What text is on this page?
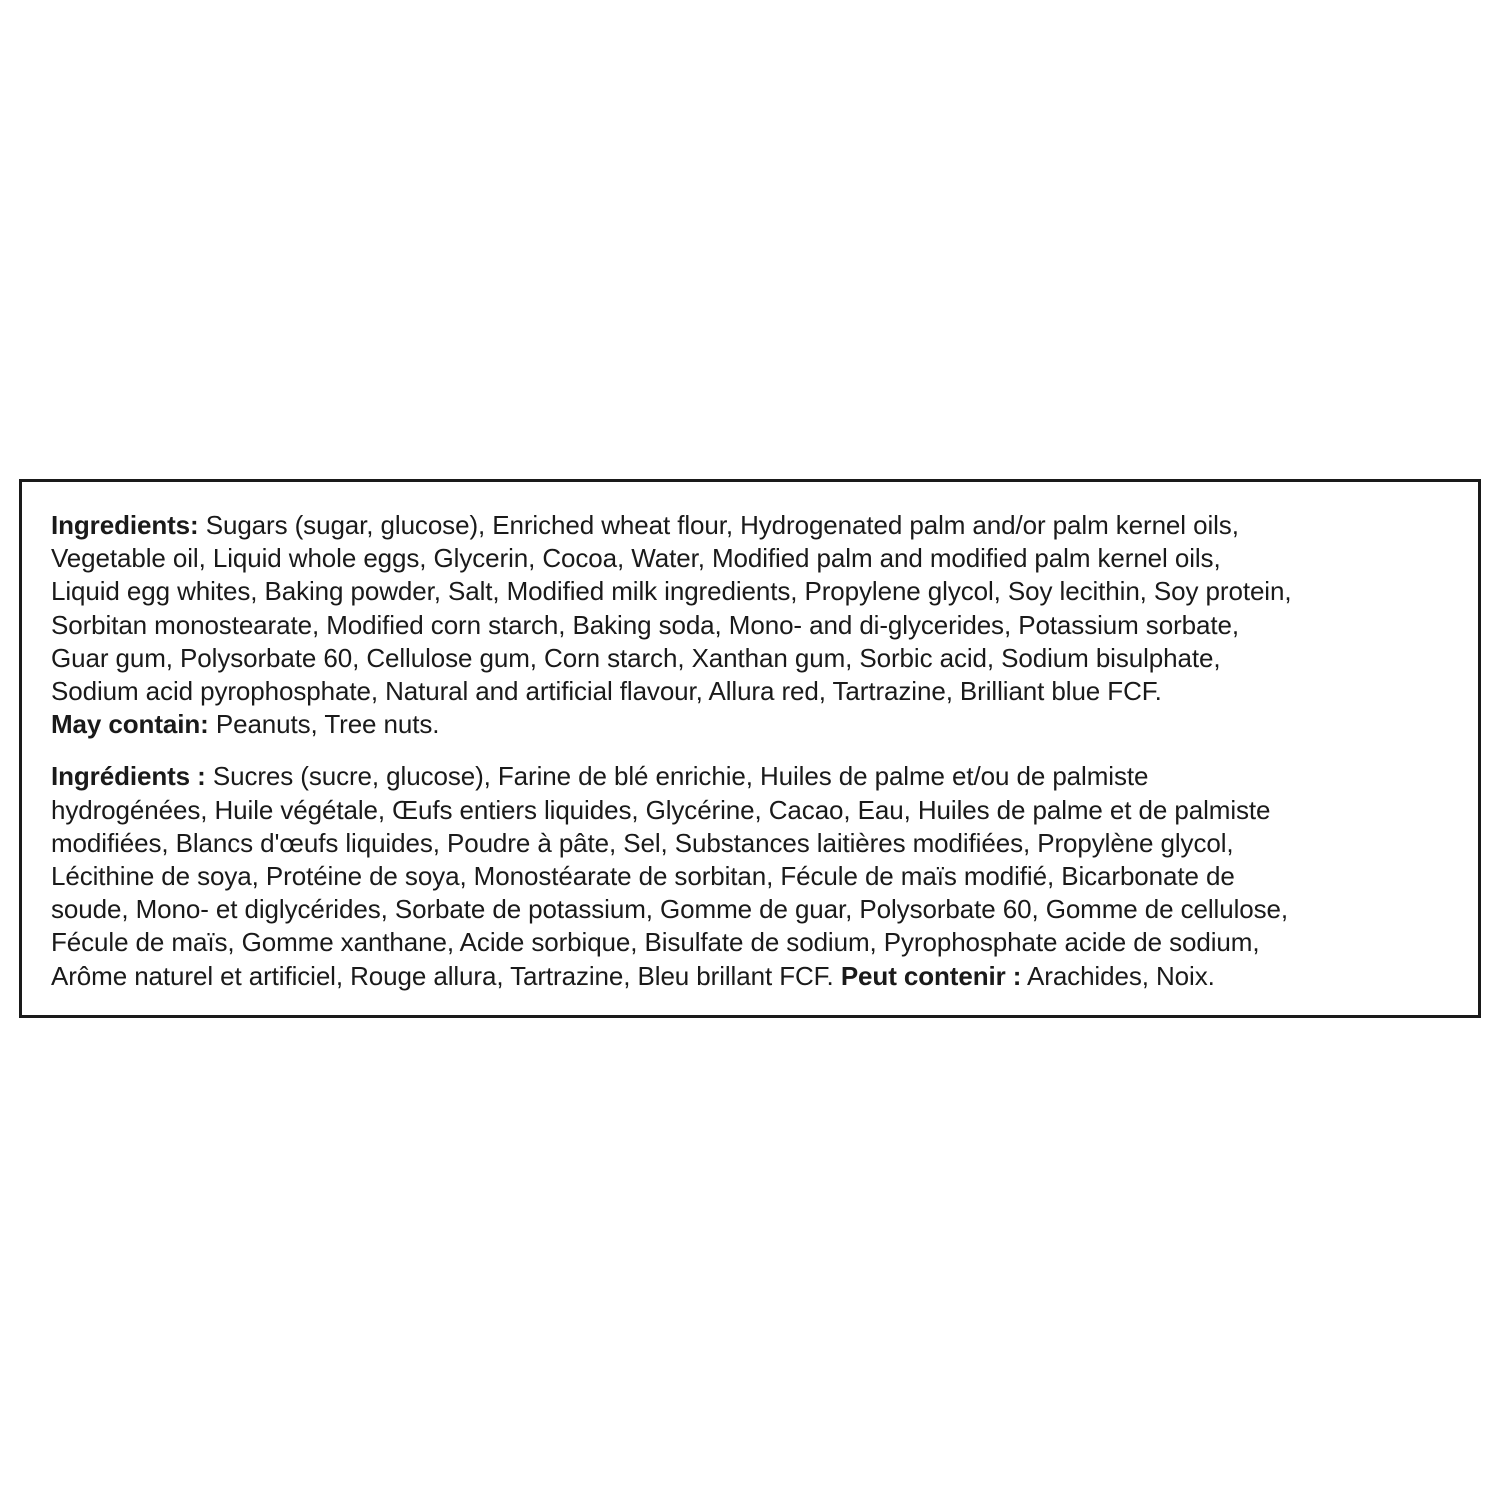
Ingredients: Sugars (sugar, glucose), Enriched wheat flour, Hydrogenated palm and/or palm kernel oils,
Vegetable oil, Liquid whole eggs, Glycerin, Cocoa, Water, Modified palm and modified palm kernel oils,
Liquid egg whites, Baking powder, Salt, Modified milk ingredients, Propylene glycol, Soy lecithin, Soy protein,
Sorbitan monostearate, Modified corn starch, Baking soda, Mono- and di-glycerides, Potassium sorbate,
Guar gum, Polysorbate 60, Cellulose gum, Corn starch, Xanthan gum, Sorbic acid, Sodium bisulphate,
Sodium acid pyrophosphate, Natural and artificial flavour, Allura red, Tartrazine, Brilliant blue FCF.
May contain: Peanuts, Tree nuts.

Ingrédients : Sucres (sucre, glucose), Farine de blé enrichie, Huiles de palme et/ou de palmiste
hydrogénées, Huile végétale, Œufs entiers liquides, Glycérine, Cacao, Eau, Huiles de palme et de palmiste
modifiées, Blancs d'œufs liquides, Poudre à pâte, Sel, Substances laitières modifiées, Propylène glycol,
Lécithine de soya, Protéine de soya, Monostéarate de sorbitan, Fécule de maïs modifié, Bicarbonate de
soude, Mono- et diglycérides, Sorbate de potassium, Gomme de guar, Polysorbate 60, Gomme de cellulose,
Fécule de maïs, Gomme xanthane, Acide sorbique, Bisulfate de sodium, Pyrophosphate acide de sodium,
Arôme naturel et artificiel, Rouge allura, Tartrazine, Bleu brillant FCF. Peut contenir : Arachides, Noix.
